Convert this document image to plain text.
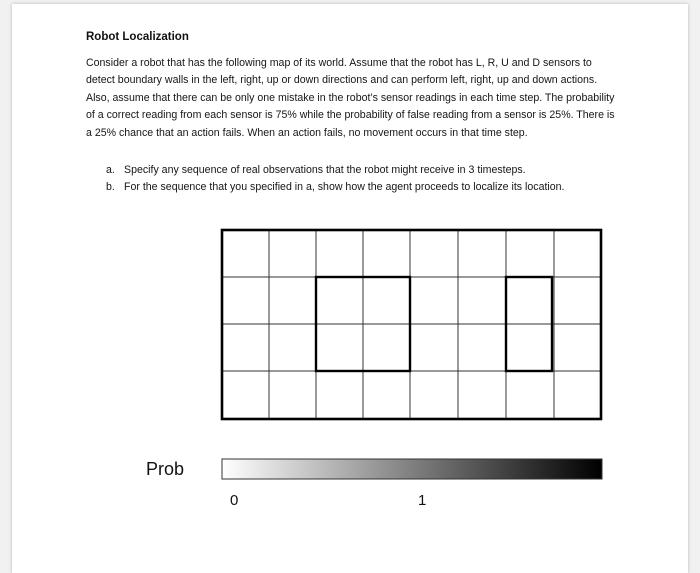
Robot Localization

Consider a robot that has the following map of its world. Assume that the robot has L, R, U and D sensors to detect boundary walls in the left, right, up or down directions and can perform left, right, up and down actions. Also, assume that there can be only one mistake in the robot’s sensor readings in each time step. The probability of a correct reading from each sensor is 75% while the probability of false reading from a sensor is 25%. There is a 25% chance that an action fails. When an action fails, no movement occurs in that time step.

a. Specify any sequence of real observations that the robot might receive in 3 timesteps.
b. For the sequence that you specified in a, show how the agent proceeds to localize its location.
Prob
0	1
